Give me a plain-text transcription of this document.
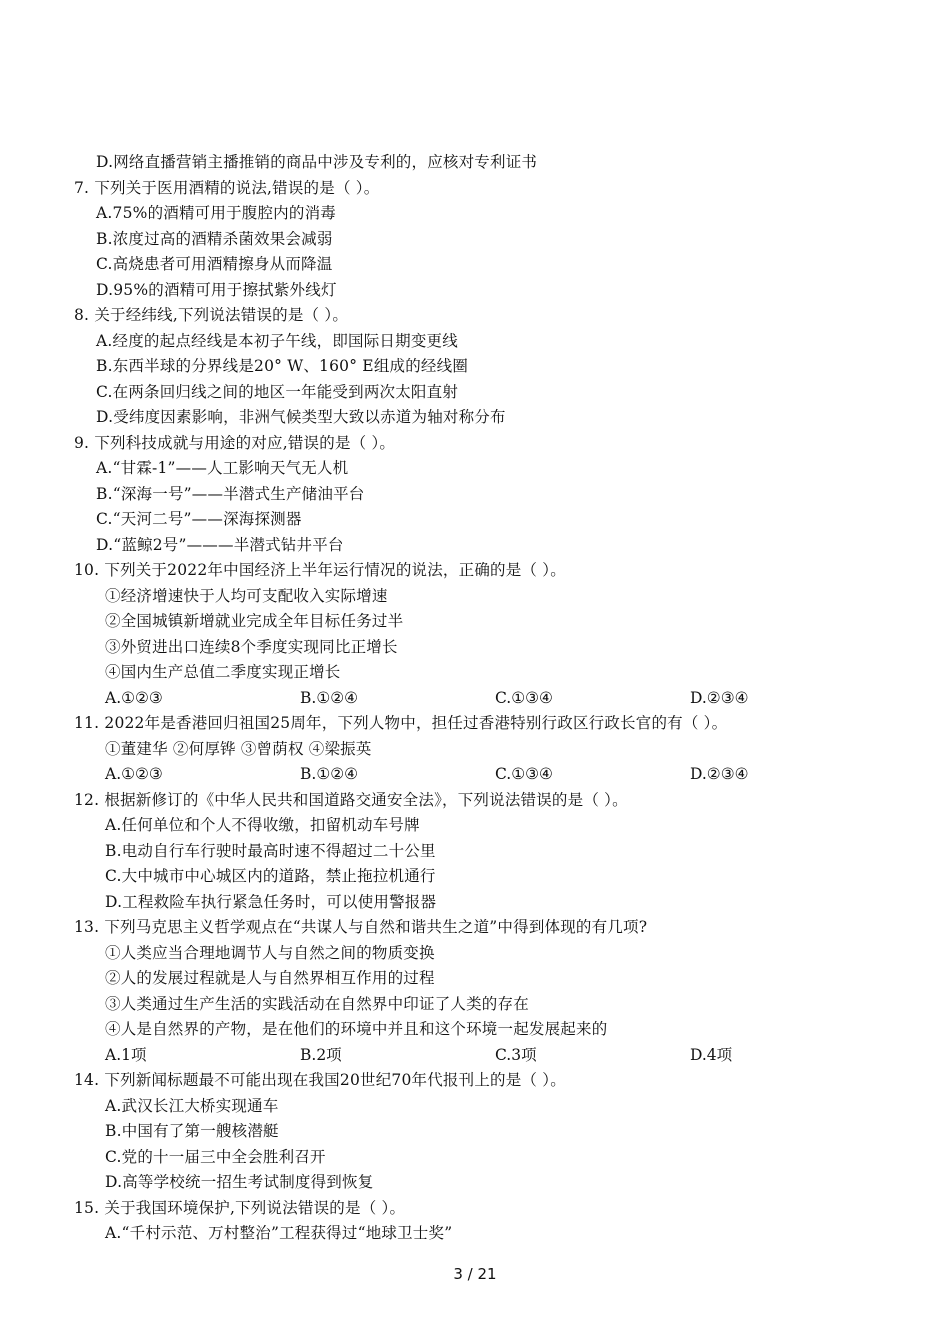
D.网络直播营销主播推销的商品中涉及专利的，应核对专利证书
7. 下列关于医用酒精的说法,错误的是（ ）。
A.75%的酒精可用于腹腔内的消毒
B.浓度过高的酒精杀菌效果会减弱
C.高烧患者可用酒精擦身从而降温
D.95%的酒精可用于擦拭紫外线灯
8. 关于经纬线,下列说法错误的是（ ）。
A.经度的起点经线是本初子午线，即国际日期变更线
B.东西半球的分界线是20° W、160° E组成的经线圈
C.在两条回归线之间的地区一年能受到两次太阳直射
D.受纬度因素影响，非洲气候类型大致以赤道为轴对称分布
9. 下列科技成就与用途的对应,错误的是（ ）。
A.“甘霖-1”——人工影响天气无人机
B.“深海一号”——半潜式生产储油平台
C.“天河二号”——深海探测器
D.“蓝鲸2号”———半潜式钻井平台
10. 下列关于2022年中国经济上半年运行情况的说法，正确的是（ ）。
①经济增速快于人均可支配收入实际增速
②全国城镇新增就业完成全年目标任务过半
③外贸进出口连续8个季度实现同比正增长
④国内生产总值二季度实现正增长
A.①②③	B.①②④	C.①③④	D.②③④
11. 2022年是香港回归祖国25周年，下列人物中，担任过香港特别行政区行政长官的有（ ）。
①董建华 ②何厚铧 ③曾荫权 ④梁振英
A.①②③	B.①②④	C.①③④	D.②③④
12. 根据新修订的《中华人民共和国道路交通安全法》，下列说法错误的是（ ）。
A.任何单位和个人不得收缴，扣留机动车号牌
B.电动自行车行驶时最高时速不得超过二十公里
C.大中城市中心城区内的道路，禁止拖拉机通行
D.工程救险车执行紧急任务时，可以使用警报器
13. 下列马克思主义哲学观点在“共谋人与自然和谐共生之道”中得到体现的有几项?
①人类应当合理地调节人与自然之间的物质变换
②人的发展过程就是人与自然界相互作用的过程
③人类通过生产生活的实践活动在自然界中印证了人类的存在
④人是自然界的产物，是在他们的环境中并且和这个环境一起发展起来的
A.1项	B.2项	C.3项	D.4项
14. 下列新闻标题最不可能出现在我国20世纪70年代报刊上的是（ ）。
A.武汉长江大桥实现通车
B.中国有了第一艘核潜艇
C.党的十一届三中全会胜利召开
D.高等学校统一招生考试制度得到恢复
15. 关于我国环境保护,下列说法错误的是（ ）。
A.“千村示范、万村整治”工程获得过“地球卫士奖”
3 / 21
